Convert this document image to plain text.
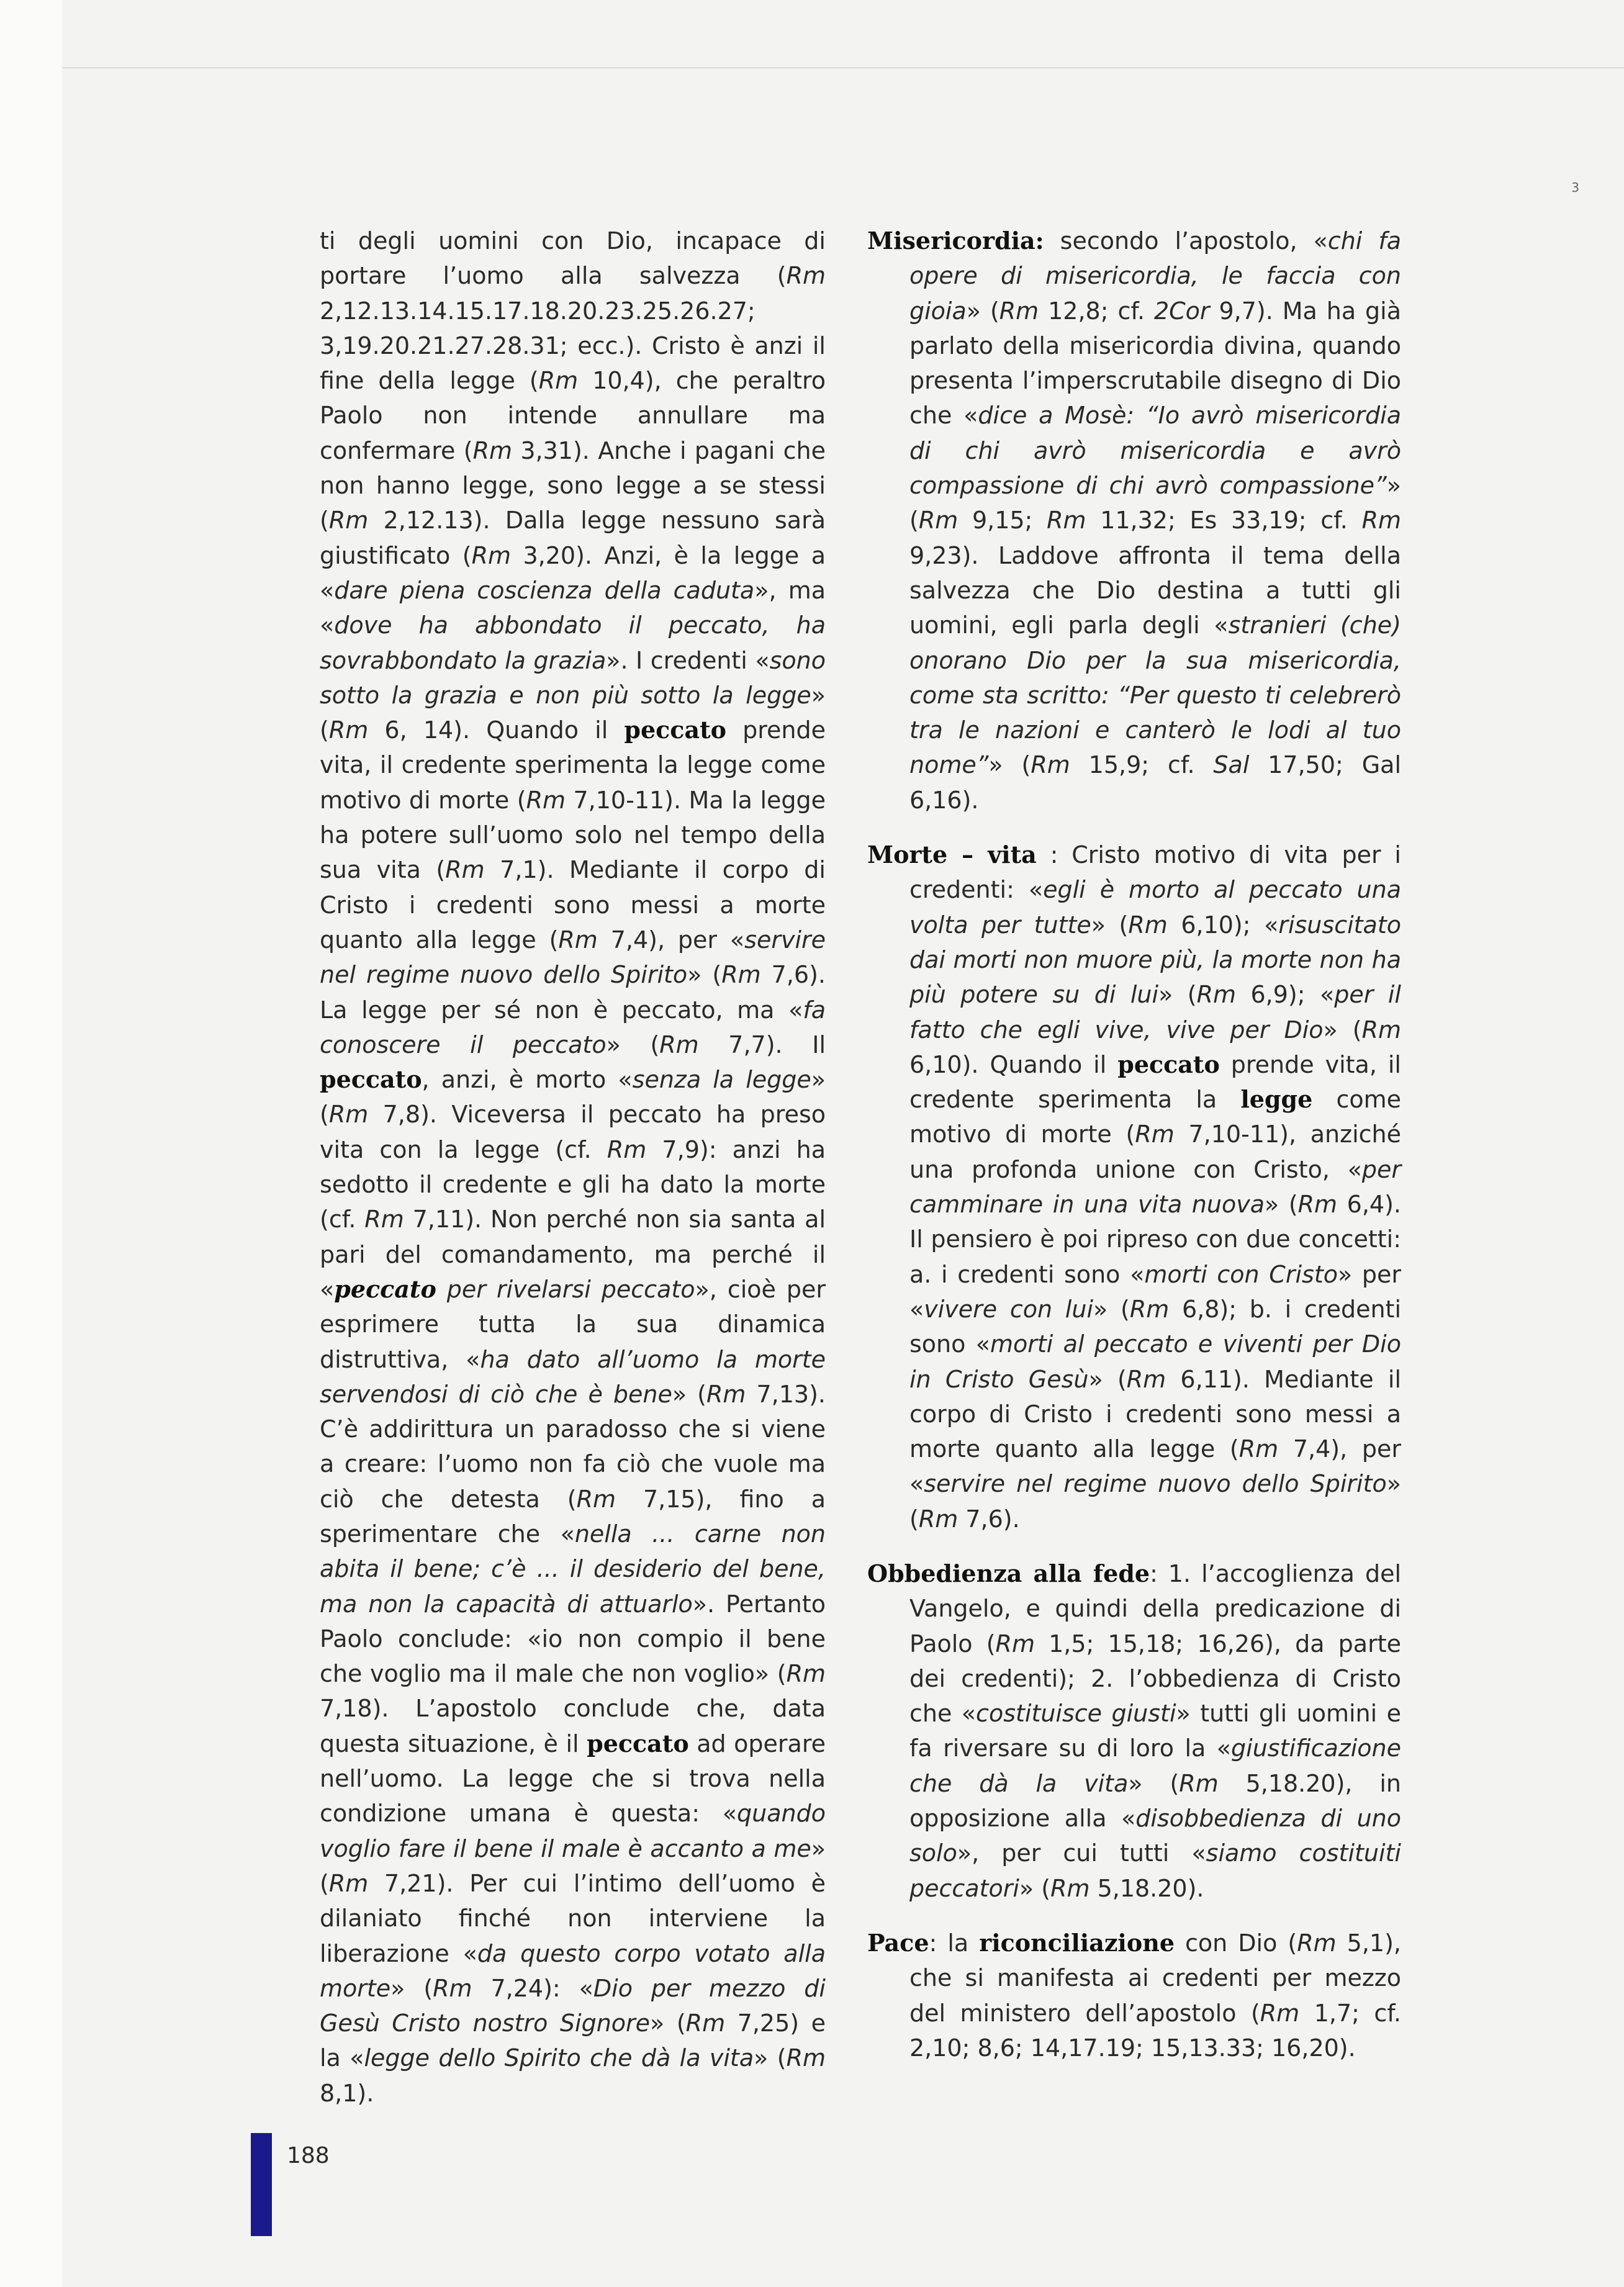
3

ti degli uomini con Dio, incapace di portare l’uomo alla salvezza (Rm 2,12.13.14.15.17.18.20.23.25.26.27; 3,19.20.21.27.28.31; ecc.). Cristo è anzi il fine della legge (Rm 10,4), che peraltro Paolo non intende annullare ma confermare (Rm 3,31). Anche i pagani che non hanno legge, sono legge a se stessi (Rm 2,12.13). Dalla legge nessuno sarà giustificato (Rm 3,20). Anzi, è la legge a «dare piena coscienza della caduta», ma «dove ha abbondato il peccato, ha sovrabbondato la grazia». I credenti «sono sotto la grazia e non più sotto la legge» (Rm 6, 14). Quando il peccato prende vita, il credente sperimenta la legge come motivo di morte (Rm 7,10-11). Ma la legge ha potere sull’uomo solo nel tempo della sua vita (Rm 7,1). Mediante il corpo di Cristo i credenti sono messi a morte quanto alla legge (Rm 7,4), per «servire nel regime nuovo dello Spirito» (Rm 7,6). La legge per sé non è peccato, ma «fa conoscere il peccato» (Rm 7,7). Il peccato, anzi, è morto «senza la legge» (Rm 7,8). Viceversa il peccato ha preso vita con la legge (cf. Rm 7,9): anzi ha sedotto il credente e gli ha dato la morte (cf. Rm 7,11). Non perché non sia santa al pari del comandamento, ma perché il «peccato per rivelarsi peccato», cioè per esprimere tutta la sua dinamica distruttiva, «ha dato all’uomo la morte servendosi di ciò che è bene» (Rm 7,13). C’è addirittura un paradosso che si viene a creare: l’uomo non fa ciò che vuole ma ciò che detesta (Rm 7,15), fino a sperimentare che «nella ... carne non abita il bene; c’è ... il desiderio del bene, ma non la capacità di attuarlo». Pertanto Paolo conclude: «io non compio il bene che voglio ma il male che non voglio» (Rm 7,18). L’apostolo conclude che, data questa situazione, è il peccato ad operare nell’uomo. La legge che si trova nella condizione umana è questa: «quando voglio fare il bene il male è accanto a me» (Rm 7,21). Per cui l’intimo dell’uomo è dilaniato finché non interviene la liberazione «da questo corpo votato alla morte» (Rm 7,24): «Dio per mezzo di Gesù Cristo nostro Signore» (Rm 7,25) e la «legge dello Spirito che dà la vita» (Rm 8,1).

Misericordia: secondo l’apostolo, «chi fa opere di misericordia, le faccia con gioia» (Rm 12,8; cf. 2Cor 9,7). Ma ha già parlato della misericordia divina, quando presenta l’imperscrutabile disegno di Dio che «dice a Mosè: “Io avrò misericordia di chi avrò misericordia e avrò compassione di chi avrò compassione”» (Rm 9,15; Rm 11,32; Es 33,19; cf. Rm 9,23). Laddove affronta il tema della salvezza che Dio destina a tutti gli uomini, egli parla degli «stranieri (che) onorano Dio per la sua misericordia, come sta scritto: “Per questo ti celebrerò tra le nazioni e canterò le lodi al tuo nome”» (Rm 15,9; cf. Sal 17,50; Gal 6,16).

Morte – vita : Cristo motivo di vita per i credenti: «egli è morto al peccato una volta per tutte» (Rm 6,10); «risuscitato dai morti non muore più, la morte non ha più potere su di lui» (Rm 6,9); «per il fatto che egli vive, vive per Dio» (Rm 6,10). Quando il peccato prende vita, il credente sperimenta la legge come motivo di morte (Rm 7,10-11), anziché una profonda unione con Cristo, «per camminare in una vita nuova» (Rm 6,4). Il pensiero è poi ripreso con due concetti: a. i credenti sono «morti con Cristo» per «vivere con lui» (Rm 6,8); b. i credenti sono «morti al peccato e viventi per Dio in Cristo Gesù» (Rm 6,11). Mediante il corpo di Cristo i credenti sono messi a morte quanto alla legge (Rm 7,4), per «servire nel regime nuovo dello Spirito» (Rm 7,6).

Obbedienza alla fede: 1. l’accoglienza del Vangelo, e quindi della predicazione di Paolo (Rm 1,5; 15,18; 16,26), da parte dei credenti); 2. l’obbedienza di Cristo che «costituisce giusti» tutti gli uomini e fa riversare su di loro la «giustificazione che dà la vita» (Rm 5,18.20), in opposizione alla «disobbedienza di uno solo», per cui tutti «siamo costituiti peccatori» (Rm 5,18.20).

Pace: la riconciliazione con Dio (Rm 5,1), che si manifesta ai credenti per mezzo del ministero dell’apostolo (Rm 1,7; cf. 2,10; 8,6; 14,17.19; 15,13.33; 16,20).

188
